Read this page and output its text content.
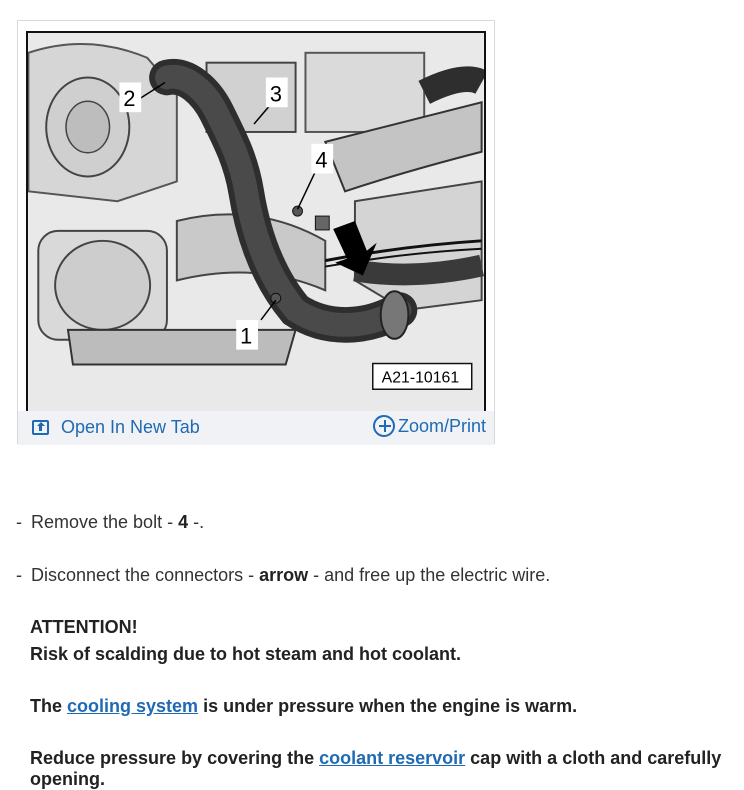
2	3
4
1
A21-10161
Open In New Tab	Zoom/Print
- Remove the bolt - 4 -.
- Disconnect the connectors - arrow - and free up the electric wire.
ATTENTION!
Risk of scalding due to hot steam and hot coolant.
The cooling system is under pressure when the engine is warm.
Reduce pressure by covering the coolant reservoir cap with a cloth and carefully opening.
